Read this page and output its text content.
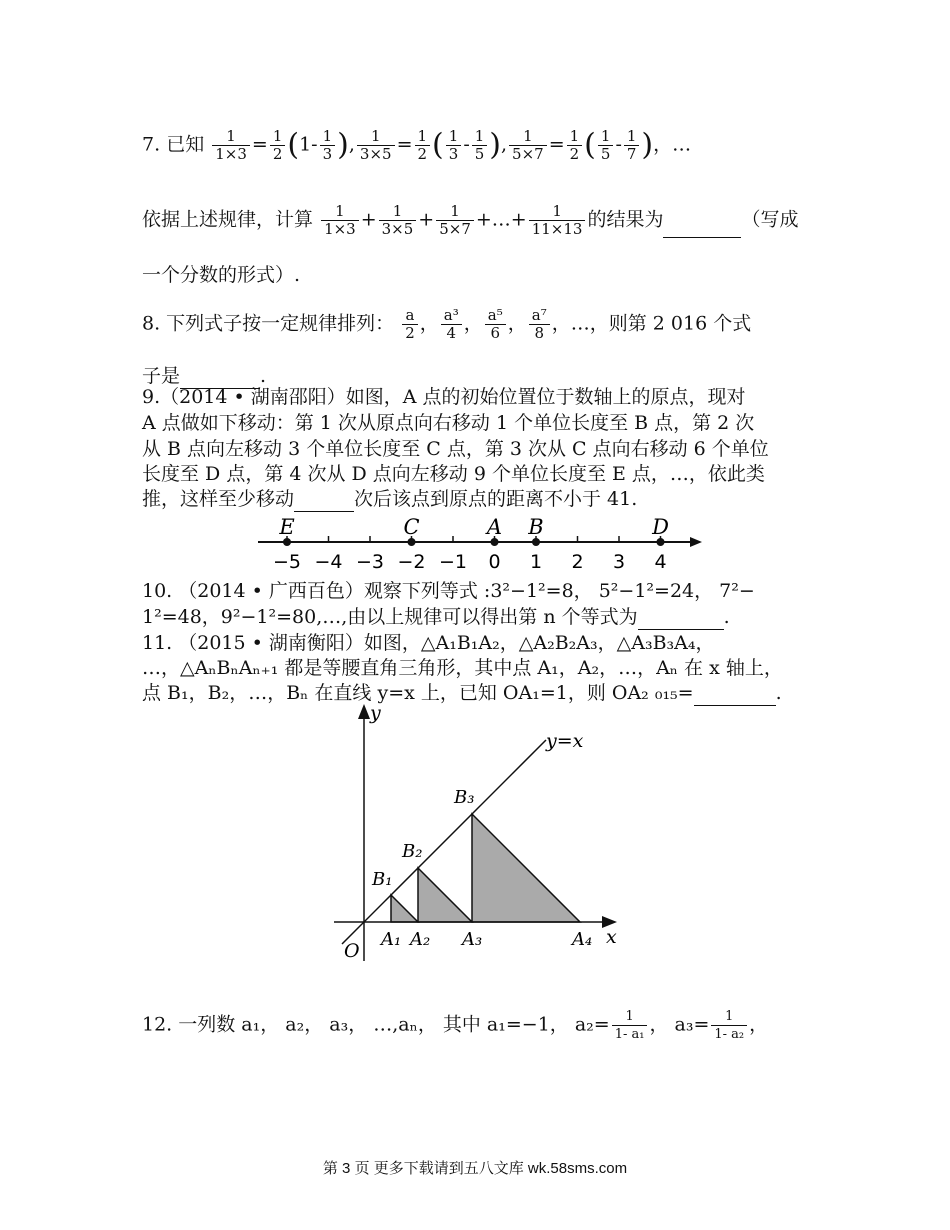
7. 已知 $\frac{1}{1\times 3} = \frac{1}{2} (1- \frac{1}{3}$ ), $\frac{1}{3\times 5} = \frac{1}{2}$ ( $\frac{1}{3} - \frac{1}{5}$ ), $\frac{1}{5\times 7} = \frac{1}{2}$ ( $\frac{1}{5} - \frac{1}{7}$ )，…
依据上述规律，计算 $\frac{1}{1\times 3} + \frac{1}{3\times 5} + \frac{1}{5\times 7}$ +…+ $\frac{1}{11\times 13}$ 的结果为	（写成
一个分数的形式）.
8. 下列式子按一定规律排列： $\frac{a}{2}$ ， $\frac{\text{a³}}{4}$ ， $\frac{\text{a⁵}}{6}$ ， $\frac{\text{a⁷}}{8}$ ，…，则第 2 016 个式
子是	.
9.（2014 • 湖南邵阳）如图，A 点的初始位置位于数轴上的原点，现对
A 点做如下移动：第 1 次从原点向右移动 1 个单位长度至 B 点，第 2 次
从 B 点向左移动 3 个单位长度至 C 点，第 3 次从 C 点向右移动 6 个单位
长度至 D 点，第 4 次从 D 点向左移动 9 个单位长度至 E 点，…，依此类
推，这样至少移动	次后该点到原点的距离不小于 41.
−5 −4 −3 −2 −1 0 1 2 3 4
E	C	A B	D
10. （2014 • 广西百色）观察下列等式 :3²−1²=8， 5²−1²=24， 7²−
1²=48，9²−1²=80,…,由以上规律可以得出第 n 个等式为	.
11. （2015 • 湖南衡阳）如图，△A₁B₁A₂，△A₂B₂A₃，△A₃B₃A₄，
…，△AₙBₙAₙ₊₁ 都是等腰直角三角形，其中点 A₁，A₂，…，Aₙ 在 x 轴上，
点 B₁，B₂，…，Bₙ 在直线 y=x 上，已知 OA₁=1，则 OA₂ ₀₁₅=	.
y
x
O
y=x
B₁
B₂
B₃
A₁ A₂ A₃	A₄
12. 一列数 a₁， a₂， a₃， …,aₙ， 其中 a₁=−1， $a_2= \frac{1}{\text{1- a₁}}$ ， $a_3= \frac{1}{\text{1- a₂}}$ ，
第 3 页 更多下载请到五八文库 wk.58sms.com
